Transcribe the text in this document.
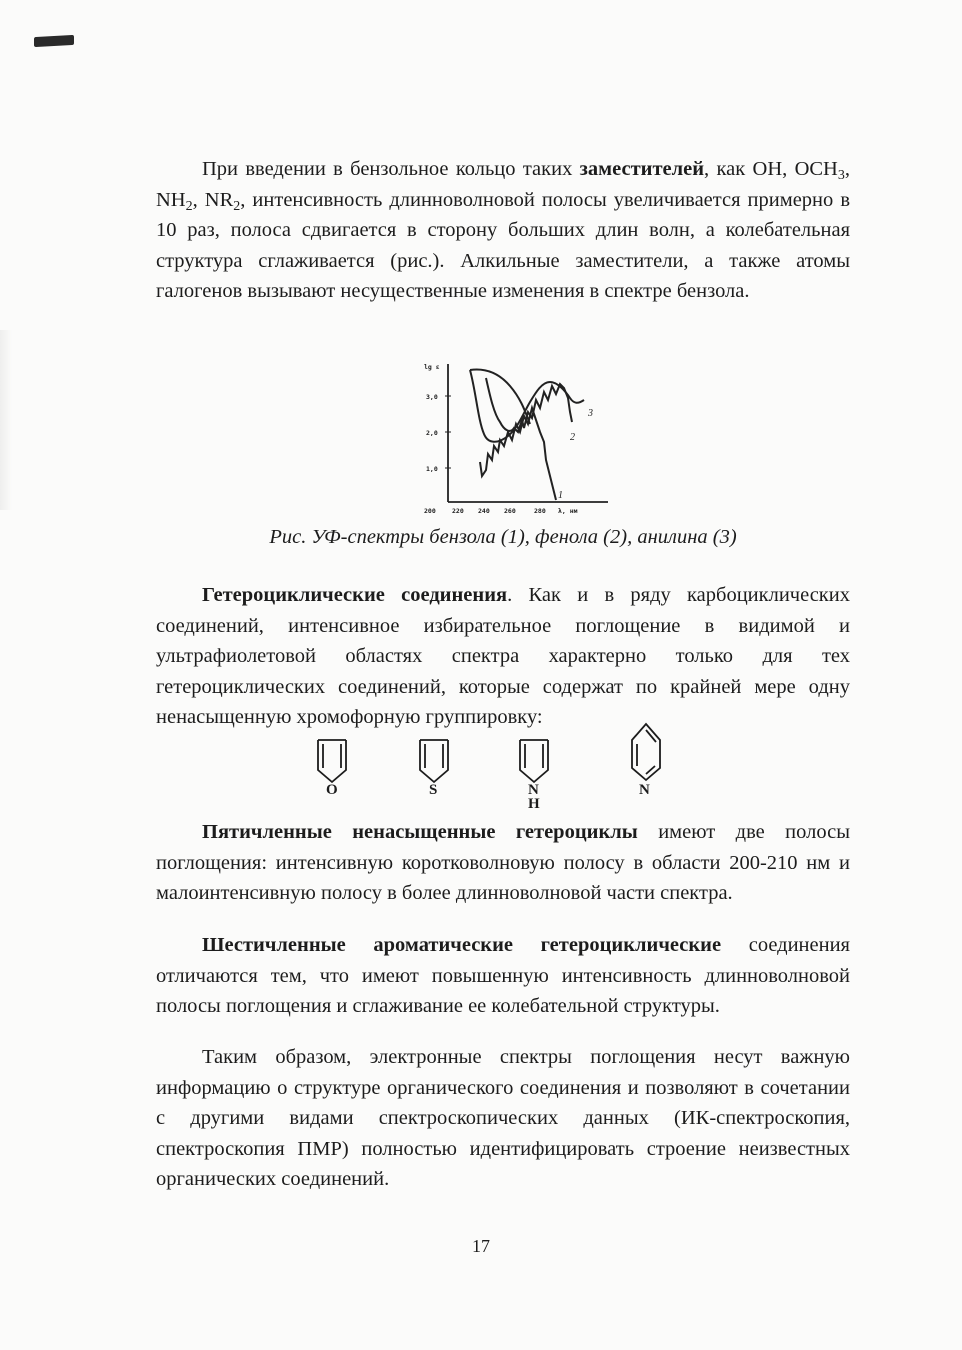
При введении в бензольное кольцо таких заместителей, как OH, $OCH_3$, $NH_2$, $NR_2$, интенсивность длинноволновой полосы увеличивается примерно в 10 раз, полоса сдвигается в сторону больших длин волн, а колебательная структура сглаживается (рис.). Алкильные заместители, а также атомы галогенов вызывают несущественные изменения в спектре бензола.

lg ε
3,0
2,0
1,0
200	220 240 260	280 λ, нм
1
2
3
Рис. УФ-спектры бензола (1), фенола (2), анилина (3)

Гетероциклические соединения. Как и в ряду карбоциклических соединений, интенсивное избирательное поглощение в видимой и ультрафиолетовой областях спектра характерно только для тех гетероциклических соединений, которые содержат по крайней мере одну ненасыщенную хромофорную группировку:

O	S	N
H
N

Пятичленные ненасыщенные гетероциклы имеют две полосы поглощения: интенсивную коротковолновую полосу в области 200-210 нм и малоинтенсивную полосу в более длинноволновой части спектра.

Шестичленные ароматические гетероциклические соединения отличаются тем, что имеют повышенную интенсивность длинноволновой полосы поглощения и сглаживание ее колебательной структуры.

Таким образом, электронные спектры поглощения несут важную информацию о структуре органического соединения и позволяют в сочетании с другими видами спектроскопических данных (ИК-спектроскопия, спектроскопия ПМР) полностью идентифицировать строение неизвестных органических соединений.

17
